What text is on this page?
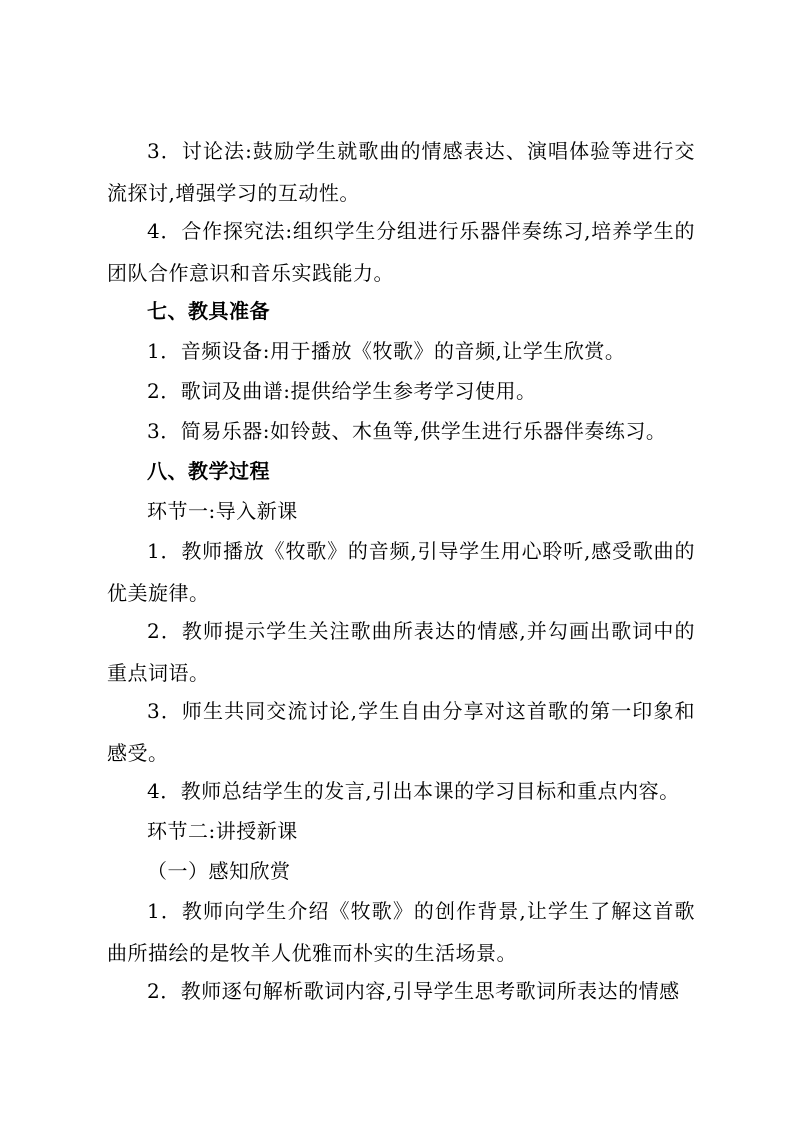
3．讨论法:鼓励学生就歌曲的情感表达、演唱体验等进行交流探讨,增强学习的互动性。

4．合作探究法:组织学生分组进行乐器伴奏练习,培养学生的团队合作意识和音乐实践能力。

七、教具准备

1．音频设备:用于播放《牧歌》的音频,让学生欣赏。

2．歌词及曲谱:提供给学生参考学习使用。

3．简易乐器:如铃鼓、木鱼等,供学生进行乐器伴奏练习。

八、教学过程

环节一:导入新课

1．教师播放《牧歌》的音频,引导学生用心聆听,感受歌曲的优美旋律。

2．教师提示学生关注歌曲所表达的情感,并勾画出歌词中的重点词语。

3．师生共同交流讨论,学生自由分享对这首歌的第一印象和感受。

4．教师总结学生的发言,引出本课的学习目标和重点内容。

环节二:讲授新课

（一）感知欣赏

1．教师向学生介绍《牧歌》的创作背景,让学生了解这首歌曲所描绘的是牧羊人优雅而朴实的生活场景。

2．教师逐句解析歌词内容,引导学生思考歌词所表达的情感
